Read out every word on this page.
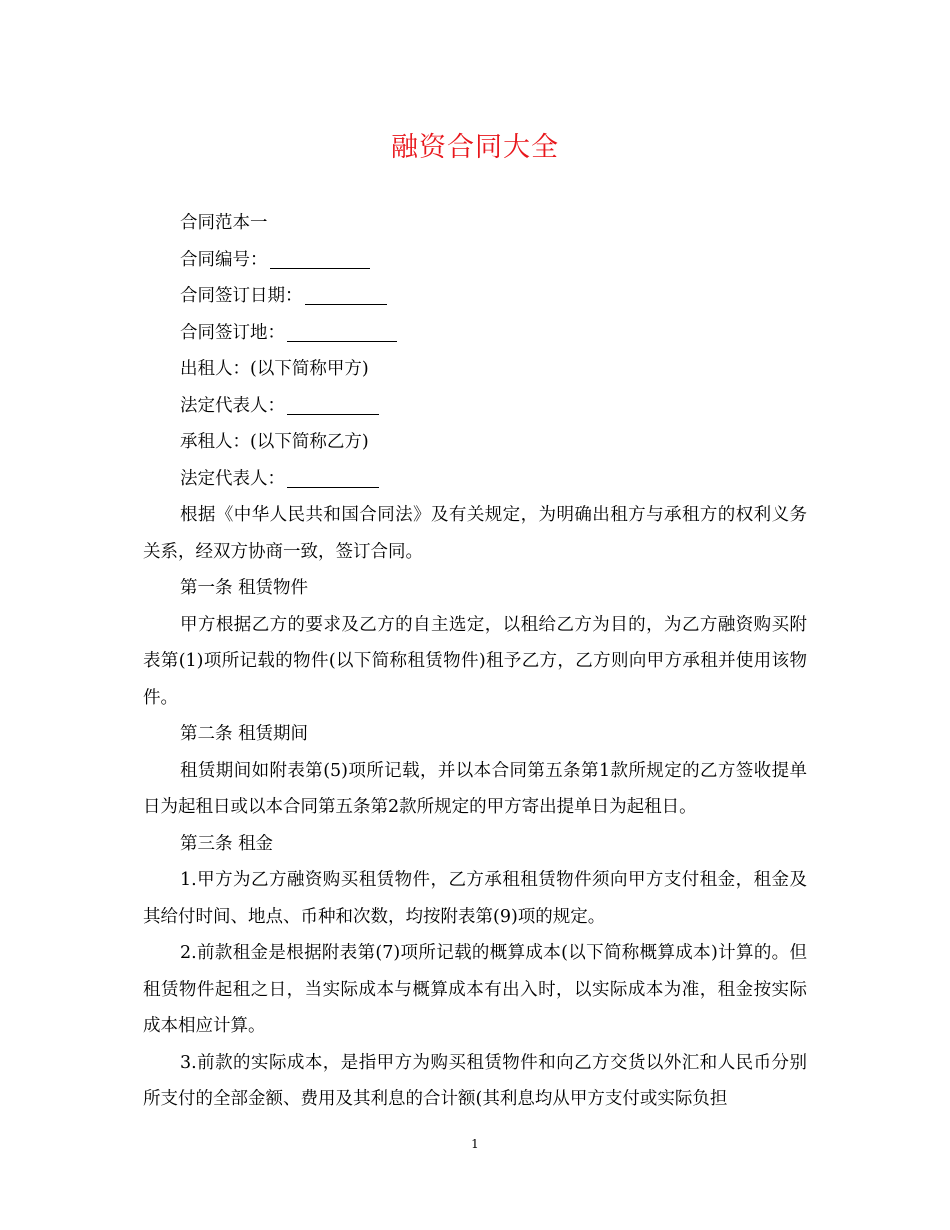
融资合同大全

合同范本一

合同编号：

合同签订日期：

合同签订地：

出租人：(以下简称甲方)

法定代表人：

承租人：(以下简称乙方)

法定代表人：

根据《中华人民共和国合同法》及有关规定，为明确出租方与承租方的权利义务关系，经双方协商一致，签订合同。

第一条 租赁物件

甲方根据乙方的要求及乙方的自主选定，以租给乙方为目的，为乙方融资购买附表第(1)项所记载的物件(以下简称租赁物件)租予乙方，乙方则向甲方承租并使用该物件。

第二条 租赁期间

租赁期间如附表第(5)项所记载，并以本合同第五条第1款所规定的乙方签收提单日为起租日或以本合同第五条第2款所规定的甲方寄出提单日为起租日。

第三条 租金

1.甲方为乙方融资购买租赁物件，乙方承租租赁物件须向甲方支付租金，租金及其给付时间、地点、币种和次数，均按附表第(9)项的规定。

2.前款租金是根据附表第(7)项所记载的概算成本(以下简称概算成本)计算的。但租赁物件起租之日，当实际成本与概算成本有出入时，以实际成本为准，租金按实际成本相应计算。

3.前款的实际成本，是指甲方为购买租赁物件和向乙方交货以外汇和人民币分别所支付的全部金额、费用及其利息的合计额(其利息均从甲方支付或实际负担

1
